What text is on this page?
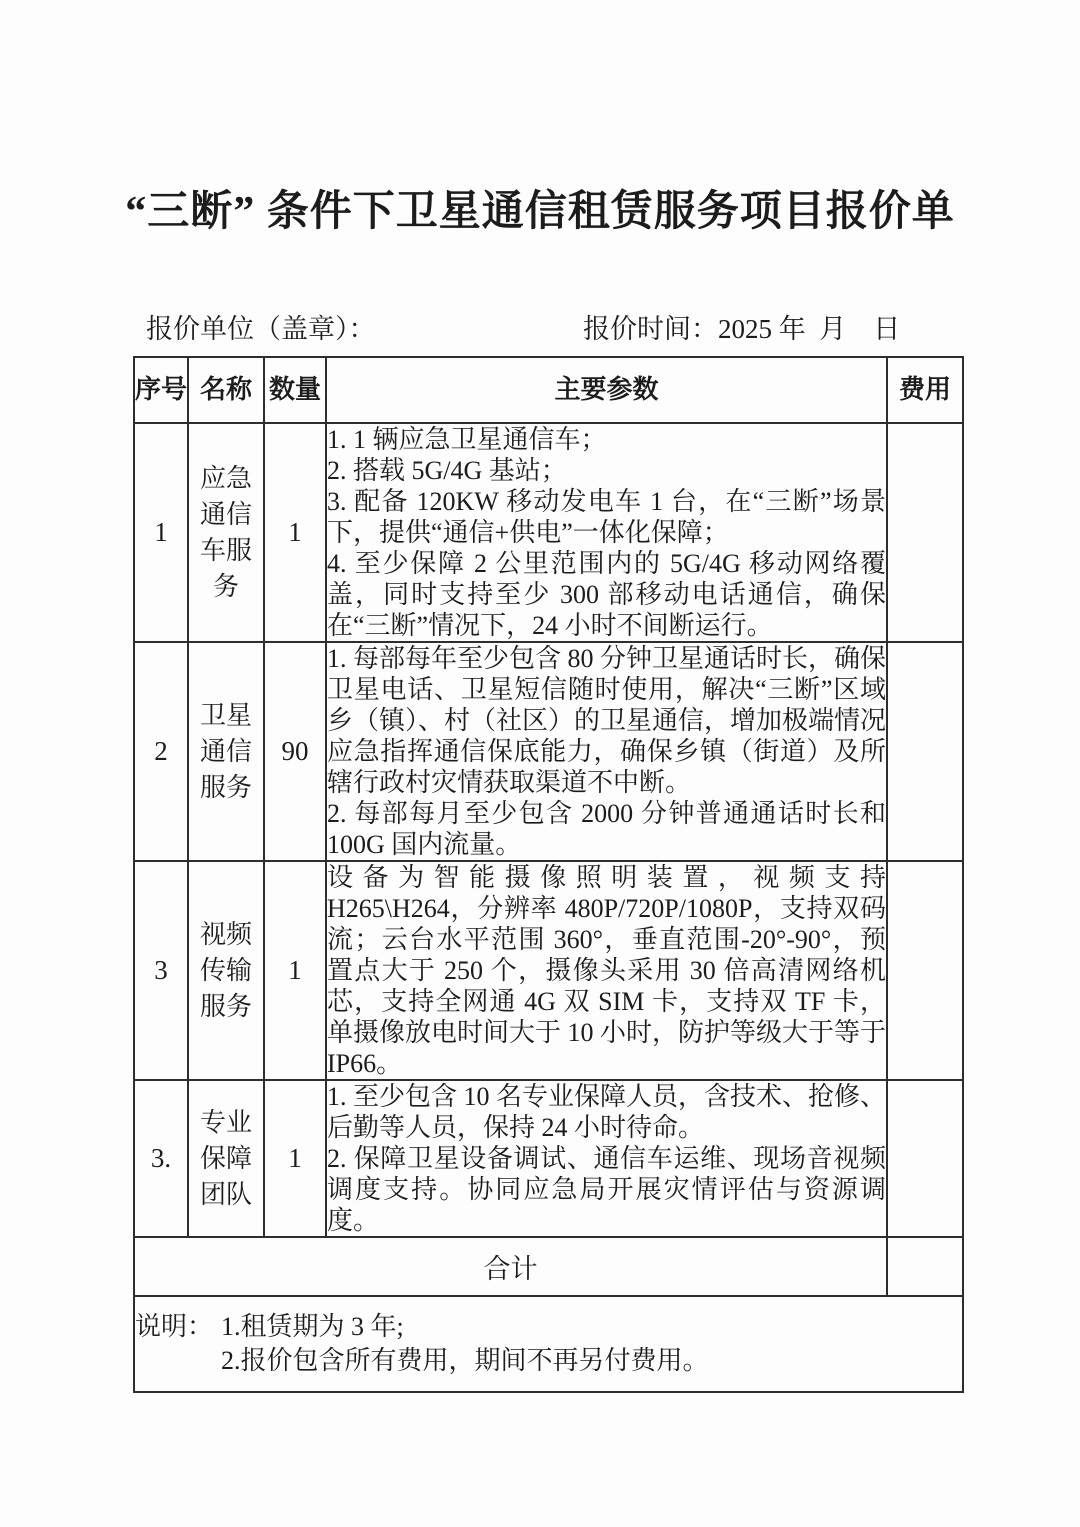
“三断” 条件下卫星通信租赁服务项目报价单
报价单位（盖章）：	报价时间：2025 年  月    日
序号	名称	数量	主要参数	费用
1	应急通信车服务	1	1. 1 辆应急卫星通信车；
2. 搭载 5G/4G 基站；
3. 配备 120KW 移动发电车 1 台，在“三断”场景下，提供“通信+供电”一体化保障；
4. 至少保障 2 公里范围内的 5G/4G 移动网络覆盖，同时支持至少 300 部移动电话通信，确保在“三断”情况下，24 小时不间断运行。	

2	卫星通信服务	90	1. 每部每年至少包含 80 分钟卫星通话时长，确保卫星电话、卫星短信随时使用，解决“三断”区域乡（镇）、村（社区）的卫星通信，增加极端情况应急指挥通信保底能力，确保乡镇（街道）及所辖行政村灾情获取渠道不中断。
2. 每部每月至少包含 2000 分钟普通通话时长和 100G 国内流量。	

3	视频传输服务	1	设备为智能摄像照明装置，视频支持 H265\H264，分辨率 480P/720P/1080P，支持双码流；云台水平范围 360°，垂直范围-20°-90°，预置点大于 250 个，摄像头采用 30 倍高清网络机芯，支持全网通 4G 双 SIM 卡，支持双 TF 卡，单摄像放电时间大于 10 小时，防护等级大于等于 IP66。	

3.	专业保障团队	1	1. 至少包含 10 名专业保障人员，含技术、抢修、后勤等人员，保持 24 小时待命。
2. 保障卫星设备调试、通信车运维、现场音视频调度支持。协同应急局开展灾情评估与资源调度。	

合计				

说明： 1.租赁期为 3 年;
2.报价包含所有费用，期间不再另付费用。				
